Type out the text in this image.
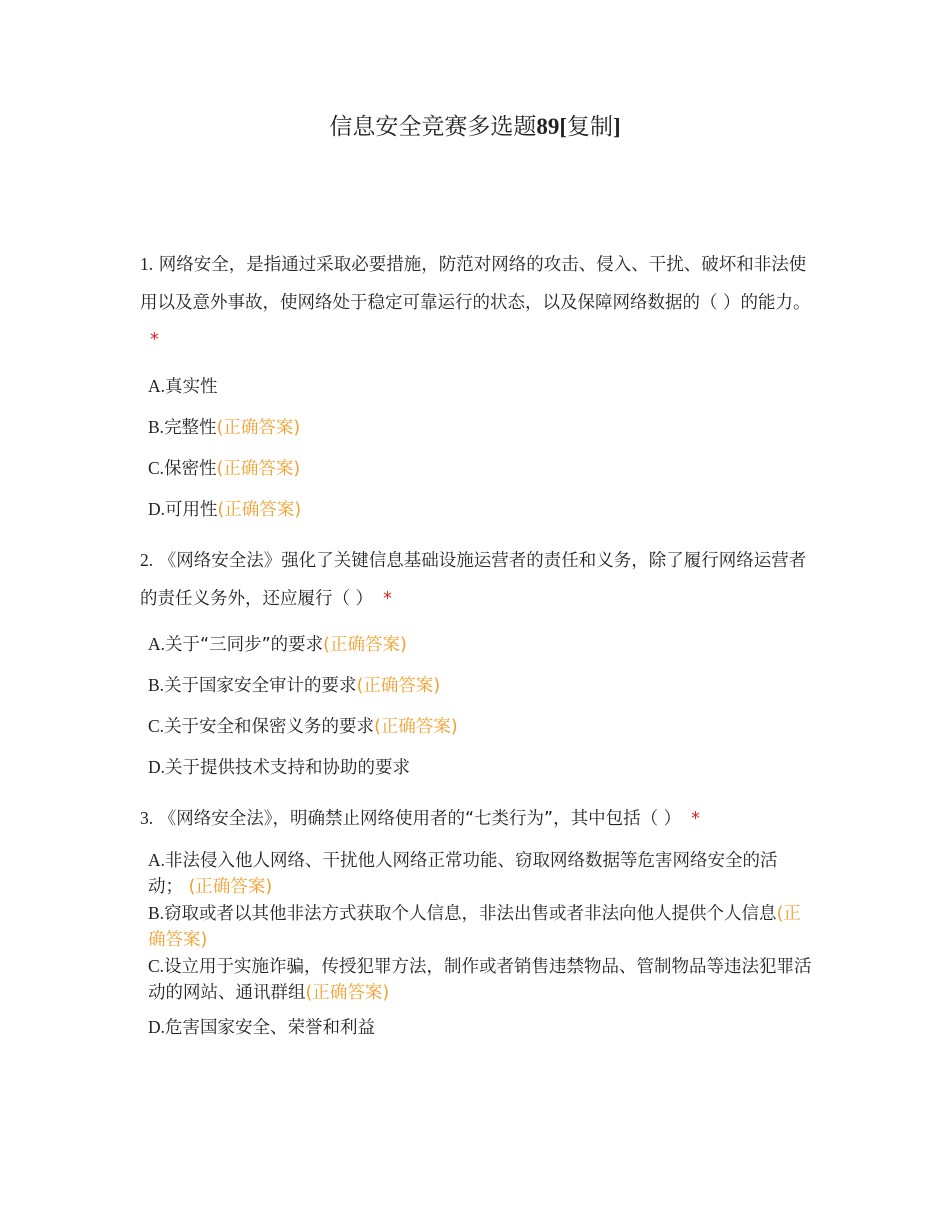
信息安全竞赛多选题89[复制]

1. 网络安全，是指通过采取必要措施，防范对网络的攻击、侵入、干扰、破坏和非法使用以及意外事故，使网络处于稳定可靠运行的状态，以及保障网络数据的（ ）的能力。*

A.真实性
B.完整性(正确答案)
C.保密性(正确答案)
D.可用性(正确答案)

2. 《网络安全法》强化了关键信息基础设施运营者的责任和义务，除了履行网络运营者的责任义务外，还应履行（ ） *

A.关于“三同步”的要求(正确答案)
B.关于国家安全审计的要求(正确答案)
C.关于安全和保密义务的要求(正确答案)
D.关于提供技术支持和协助的要求

3. 《网络安全法》，明确禁止网络使用者的“七类行为”，其中包括（ ） *

A.非法侵入他人网络、干扰他人网络正常功能、窃取网络数据等危害网络安全的活动； (正确答案)
B.窃取或者以其他非法方式获取个人信息，非法出售或者非法向他人提供个人信息(正确答案)
C.设立用于实施诈骗，传授犯罪方法，制作或者销售违禁物品、管制物品等违法犯罪活动的网站、通讯群组(正确答案)
D.危害国家安全、荣誉和利益
